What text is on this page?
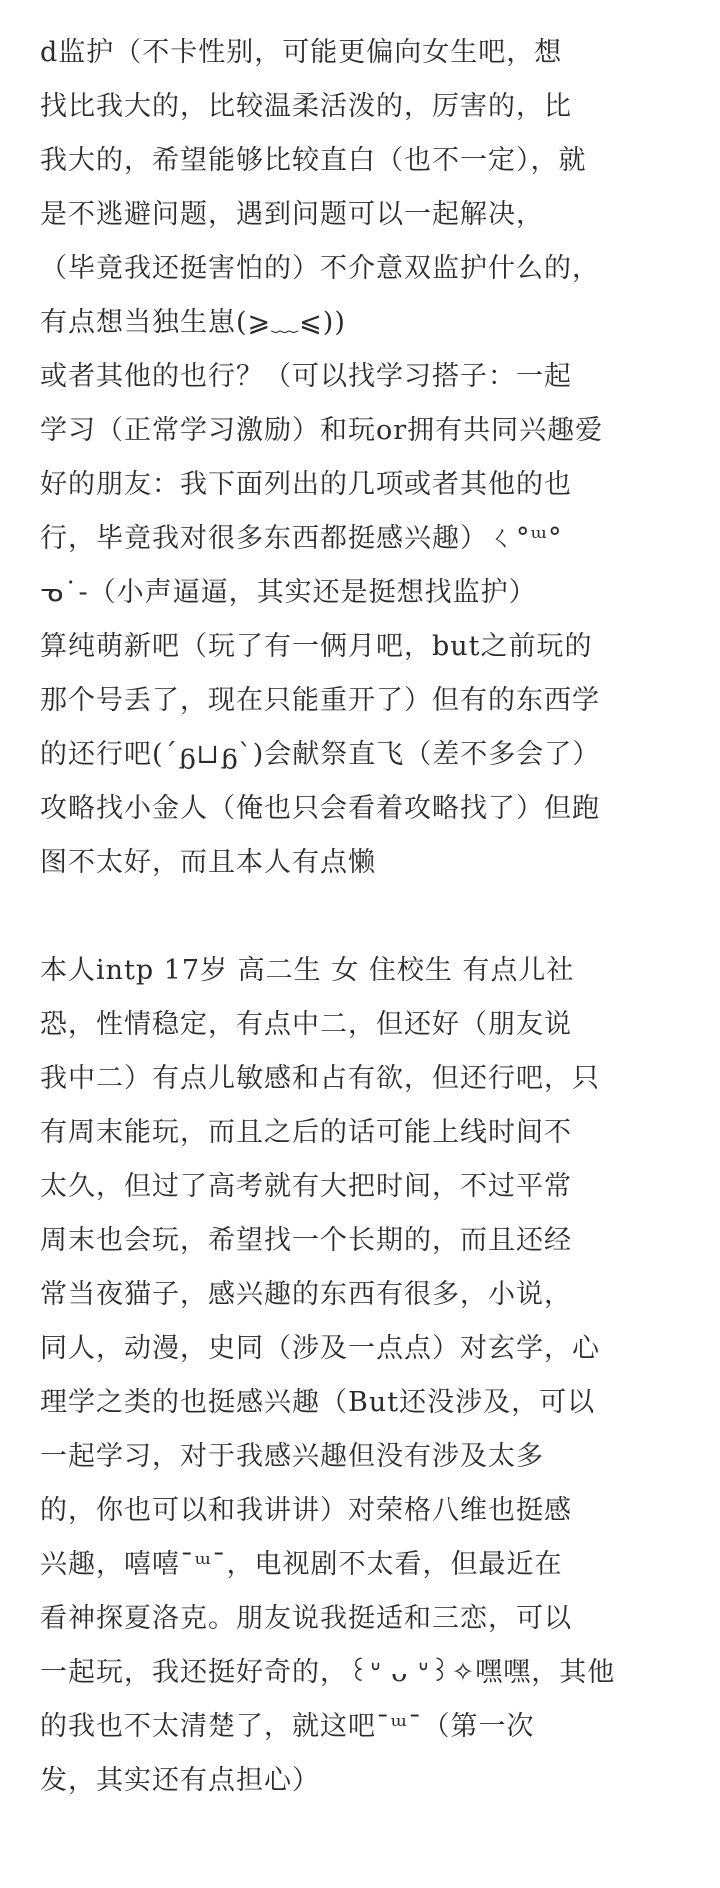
d监护（不卡性别，可能更偏向女生吧，想
找比我大的，比较温柔活泼的，厉害的，比
我大的，希望能够比较直白（也不一定），就
是不逃避问题，遇到问题可以一起解决，
（毕竟我还挺害怕的）不介意双监护什么的，
有点想当独生崽(⩾﹏⩽))
或者其他的也行？（可以找学习搭子：一起
学习（正常学习激励）和玩or拥有共同兴趣爱
好的朋友：我下面列出的几项或者其他的也
行，毕竟我对很多东西都挺感兴趣）ㄑ°ᵚ°
ᓀ˙-（小声逼逼，其实还是挺想找监护）
算纯萌新吧（玩了有一俩月吧，but之前玩的
那个号丢了，现在只能重开了）但有的东西学
的还行吧(´ᵷ⊔ᵷ`)会献祭直飞（差不多会了）
攻略找小金人（俺也只会看着攻略找了）但跑
图不太好，而且本人有点懒
本人intp 17岁 高二生 女 住校生 有点儿社
恐，性情稳定，有点中二，但还好（朋友说
我中二）有点儿敏感和占有欲，但还行吧，只
有周末能玩，而且之后的话可能上线时间不
太久，但过了高考就有大把时间，不过平常
周末也会玩，希望找一个长期的，而且还经
常当夜猫子，感兴趣的东西有很多，小说，
同人，动漫，史同（涉及一点点）对玄学，心
理学之类的也挺感兴趣（But还没涉及，可以
一起学习，对于我感兴趣但没有涉及太多
的，你也可以和我讲讲）对荣格八维也挺感
兴趣，嘻嘻ˉᵚˉ，电视剧不太看，但最近在
看神探夏洛克。朋友说我挺适和三恋，可以
一起玩，我还挺好奇的，꒰ᐡ ᴗ ᐡ꒱✧嘿嘿，其他
的我也不太清楚了，就这吧ˉᵚˉ（第一次
发，其实还有点担心）
